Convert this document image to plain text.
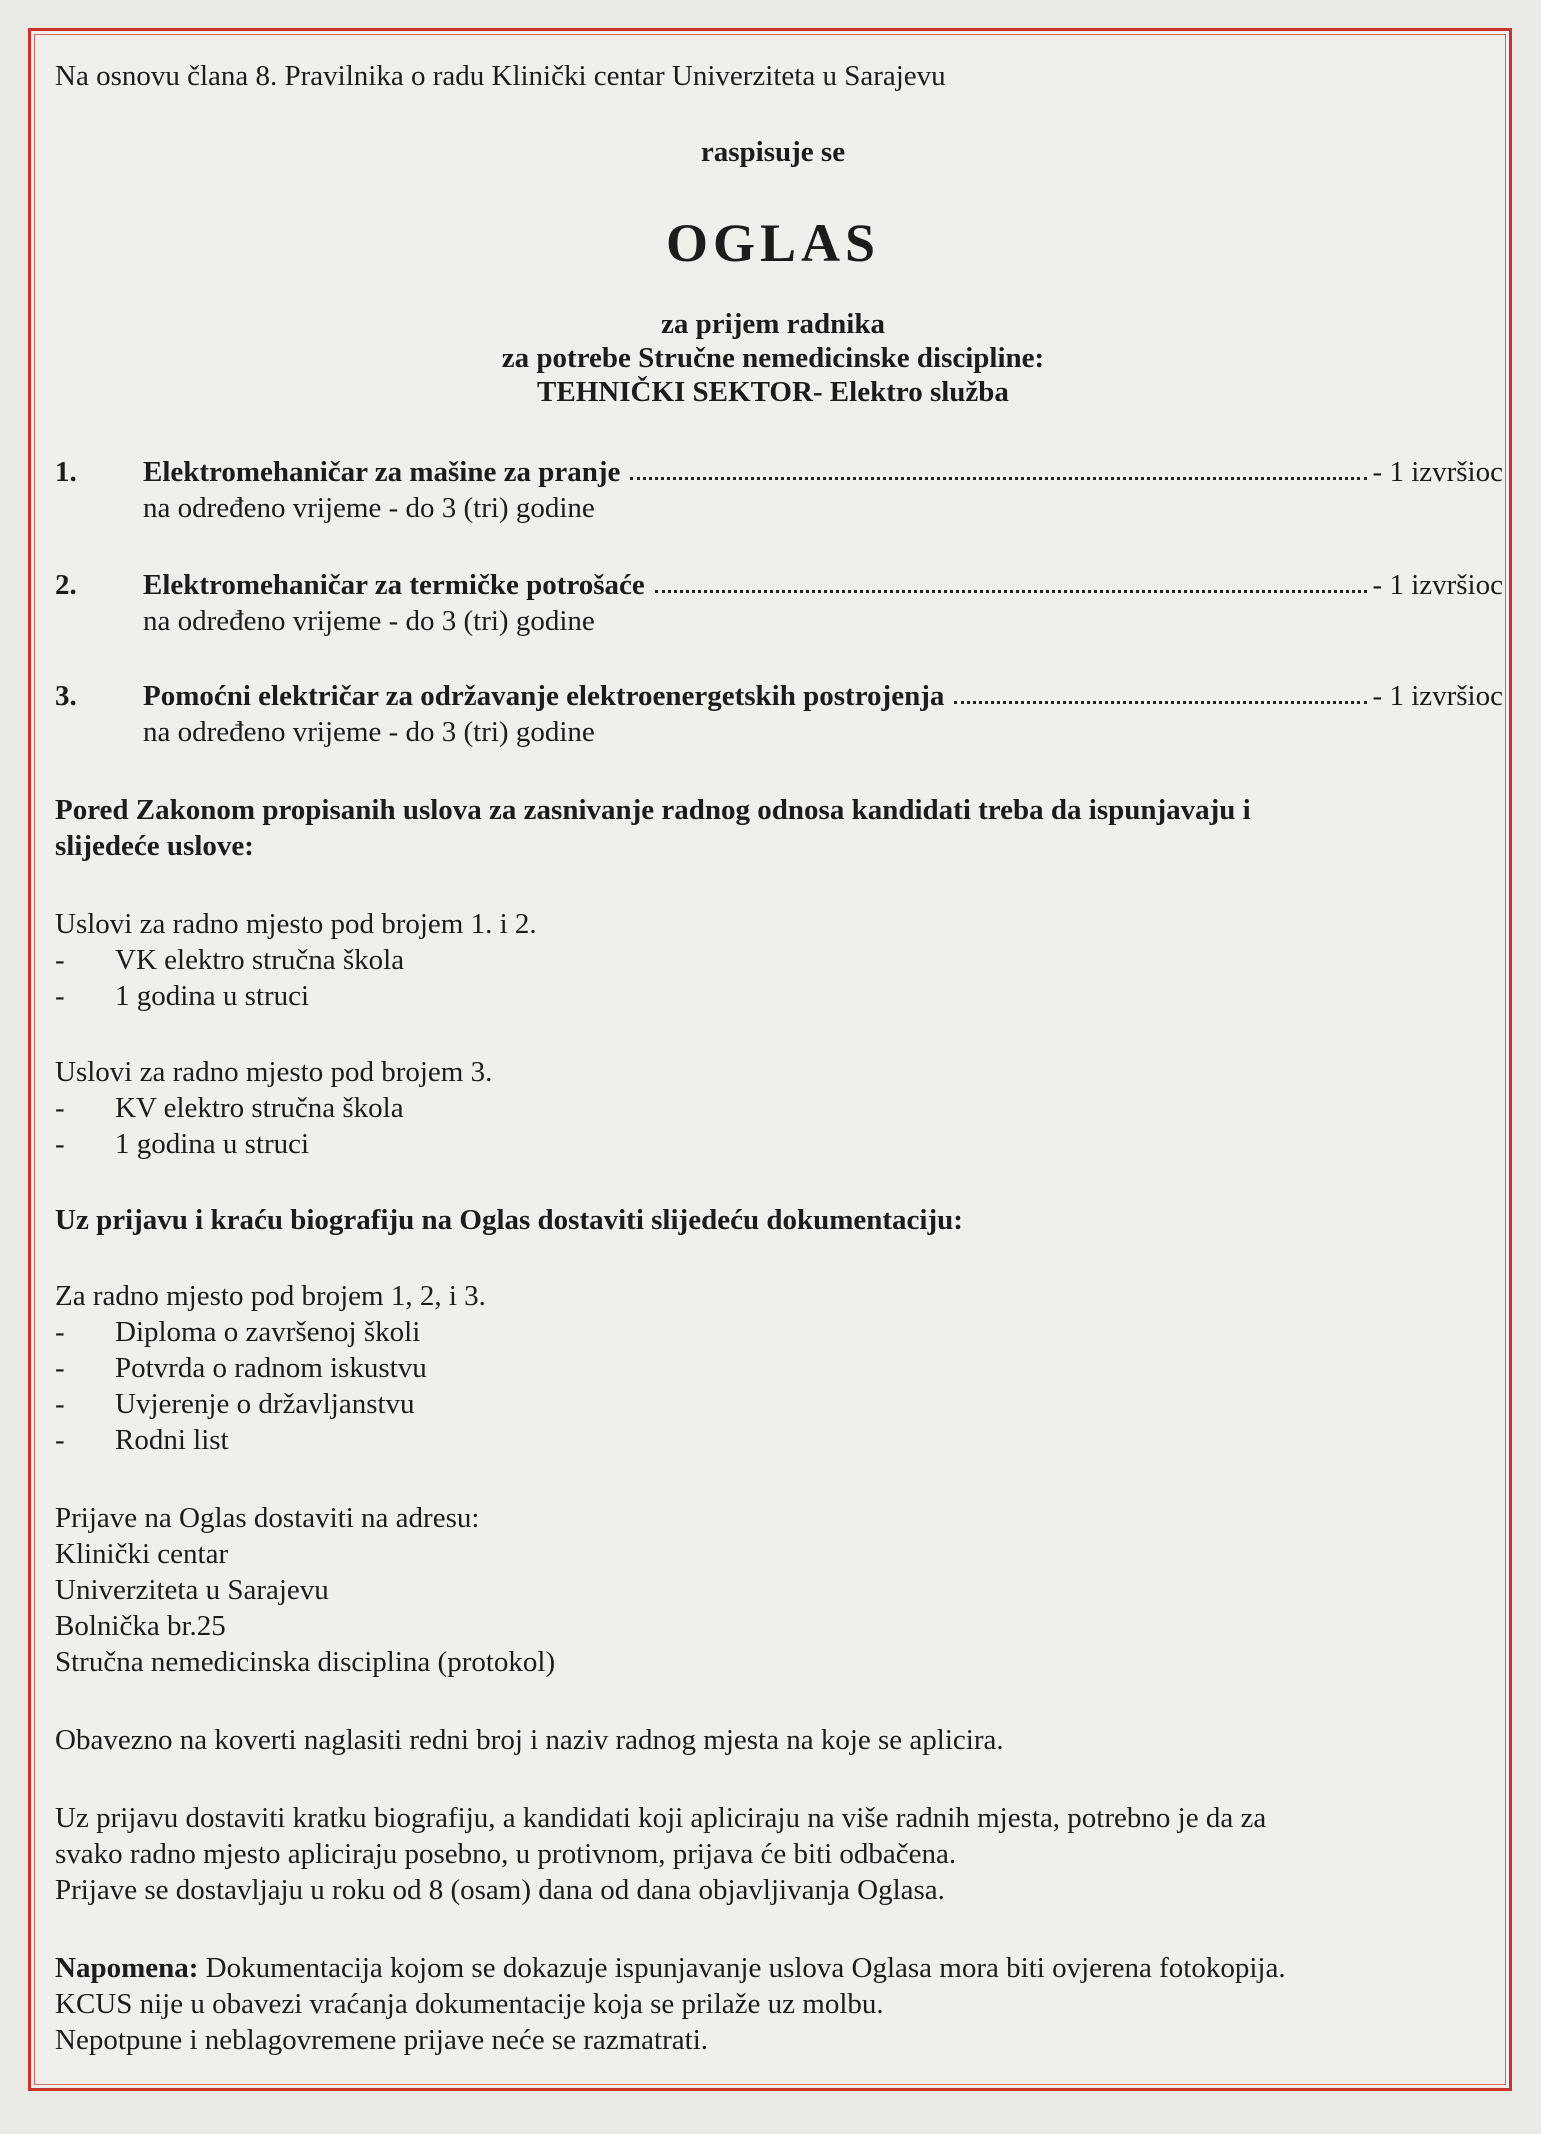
Na osnovu člana 8. Pravilnika o radu Klinički centar Univerziteta u Sarajevu
raspisuje se
OGLAS
za prijem radnika
za potrebe Stručne nemedicinske discipline:
TEHNIČKI SEKTOR- Elektro služba
1. Elektromehaničar za mašine za pranje	- 1 izvršioc
na određeno vrijeme - do 3 (tri) godine
2. Elektromehaničar za termičke potrošaće	- 1 izvršioc
na određeno vrijeme - do 3 (tri) godine
3. Pomoćni električar za održavanje elektroenergetskih postrojenja	- 1 izvršioc
na određeno vrijeme - do 3 (tri) godine
Pored Zakonom propisanih uslova za zasnivanje radnog odnosa kandidati treba da ispunjavaju i
slijedeće uslove:
Uslovi za radno mjesto pod brojem 1. i 2.
- VK elektro stručna škola
- 1 godina u struci
Uslovi za radno mjesto pod brojem 3.
- KV elektro stručna škola
- 1 godina u struci
Uz prijavu i kraću biografiju na Oglas dostaviti slijedeću dokumentaciju:
Za radno mjesto pod brojem 1, 2, i 3.
- Diploma o završenoj školi
- Potvrda o radnom iskustvu
- Uvjerenje o državljanstvu
- Rodni list
Prijave na Oglas dostaviti na adresu:
Klinički centar
Univerziteta u Sarajevu
Bolnička br.25
Stručna nemedicinska disciplina (protokol)
Obavezno na koverti naglasiti redni broj i naziv radnog mjesta na koje se aplicira.
Uz prijavu dostaviti kratku biografiju, a kandidati koji apliciraju na više radnih mjesta, potrebno je da za
svako radno mjesto apliciraju posebno, u protivnom, prijava će biti odbačena.
Prijave se dostavljaju u roku od 8 (osam) dana od dana objavljivanja Oglasa.
Napomena: Dokumentacija kojom se dokazuje ispunjavanje uslova Oglasa mora biti ovjerena fotokopija.
KCUS nije u obavezi vraćanja dokumentacije koja se prilaže uz molbu.
Nepotpune i neblagovremene prijave neće se razmatrati.
